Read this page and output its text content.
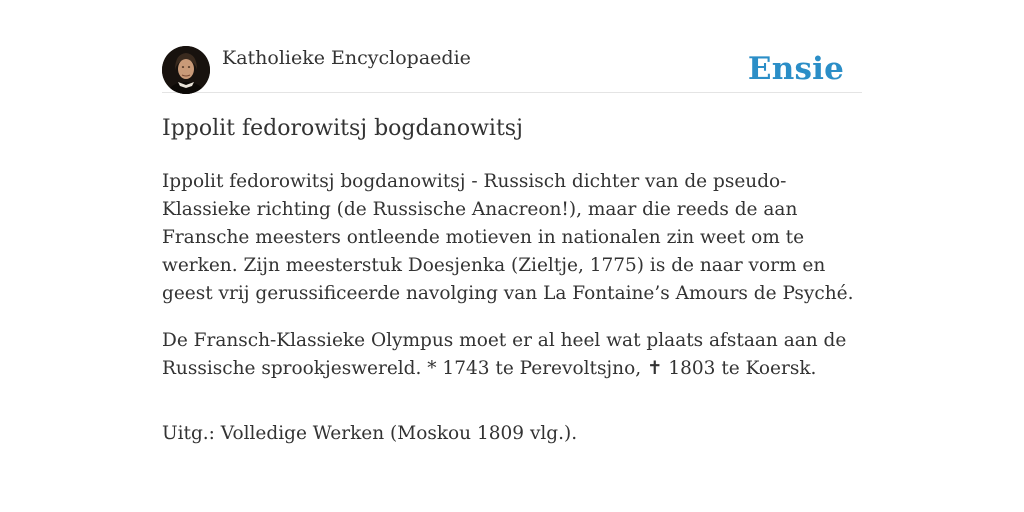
Katholieke Encyclopaedie	Ensie
Ippolit fedorowitsj bogdanowitsj

Ippolit fedorowitsj bogdanowitsj - Russisch dichter van de pseudo-Klassieke richting (de Russische Anacreon!), maar die reeds de aan Fransche meesters ontleende motieven in nationalen zin weet om te werken. Zijn meesterstuk Doesjenka (Zieltje, 1775) is de naar vorm en geest vrij gerussificeerde navolging van La Fontaine’s Amours de Psyché.

De Fransch-Klassieke Olympus moet er al heel wat plaats afstaan aan de Russische sprookjeswereld. * 1743 te Perevoltsjno, ✝ 1803 te Koersk.

Uitg.: Volledige Werken (Moskou 1809 vlg.).
